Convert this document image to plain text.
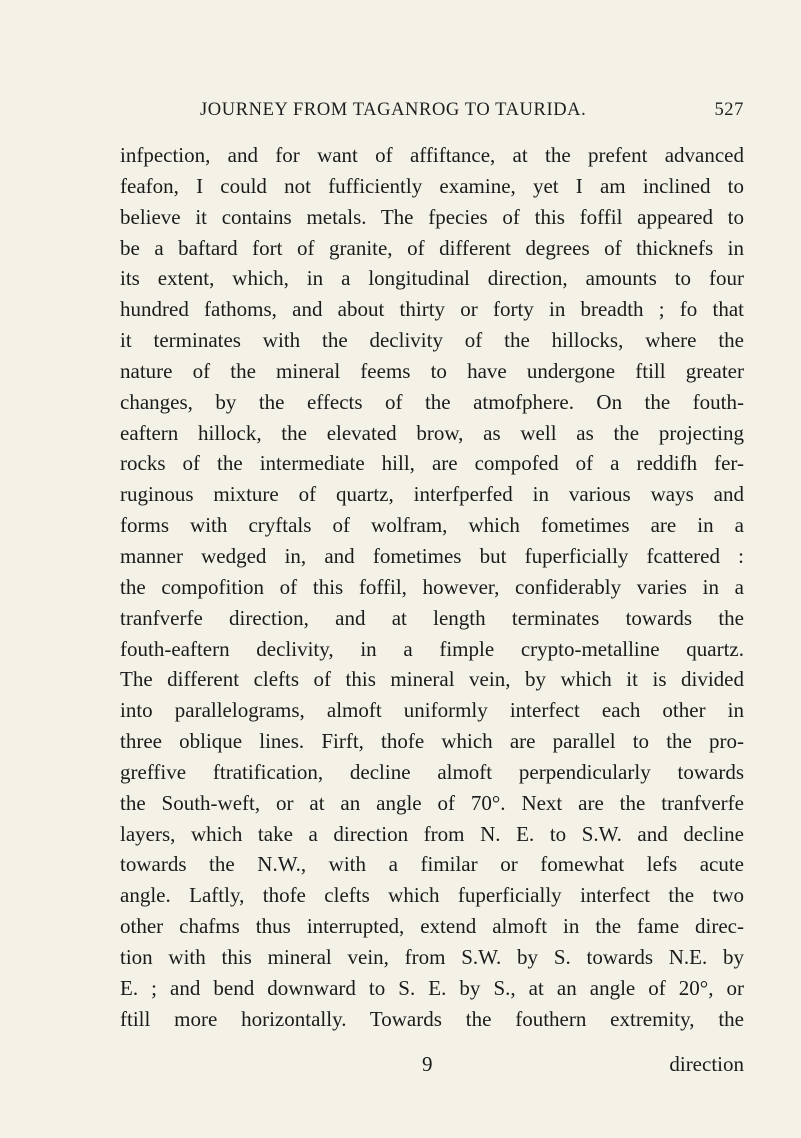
JOURNEY FROM TAGANROG TO TAURIDA.	527
infpection, and for want of affiftance, at the prefent advanced
feafon, I could not fufficiently examine, yet I am inclined to
believe it contains metals. The fpecies of this foffil appeared to
be a baftard fort of granite, of different degrees of thicknefs in
its extent, which, in a longitudinal direction, amounts to four
hundred fathoms, and about thirty or forty in breadth ; fo that
it terminates with the declivity of the hillocks, where the
nature of the mineral feems to have undergone ftill greater
changes, by the effects of the atmofphere. On the fouth-
eaftern hillock, the elevated brow, as well as the projecting
rocks of the intermediate hill, are compofed of a reddifh fer-
ruginous mixture of quartz, interfperfed in various ways and
forms with cryftals of wolfram, which fometimes are in a
manner wedged in, and fometimes but fuperficially fcattered :
the compofition of this foffil, however, confiderably varies in a
tranfverfe direction, and at length terminates towards the
fouth-eaftern declivity, in a fimple crypto-metalline quartz.
The different clefts of this mineral vein, by which it is divided
into parallelograms, almoft uniformly interfect each other in
three oblique lines. Firft, thofe which are parallel to the pro-
greffive ftratification, decline almoft perpendicularly towards
the South-weft, or at an angle of 70°. Next are the tranfverfe
layers, which take a direction from N. E. to S.W. and decline
towards the N.W., with a fimilar or fomewhat lefs acute
angle. Laftly, thofe clefts which fuperficially interfect the two
other chafms thus interrupted, extend almoft in the fame direc-
tion with this mineral vein, from S.W. by S. towards N.E. by
E. ; and bend downward to S. E. by S., at an angle of 20°, or
ftill more horizontally. Towards the fouthern extremity, the
9	direction
